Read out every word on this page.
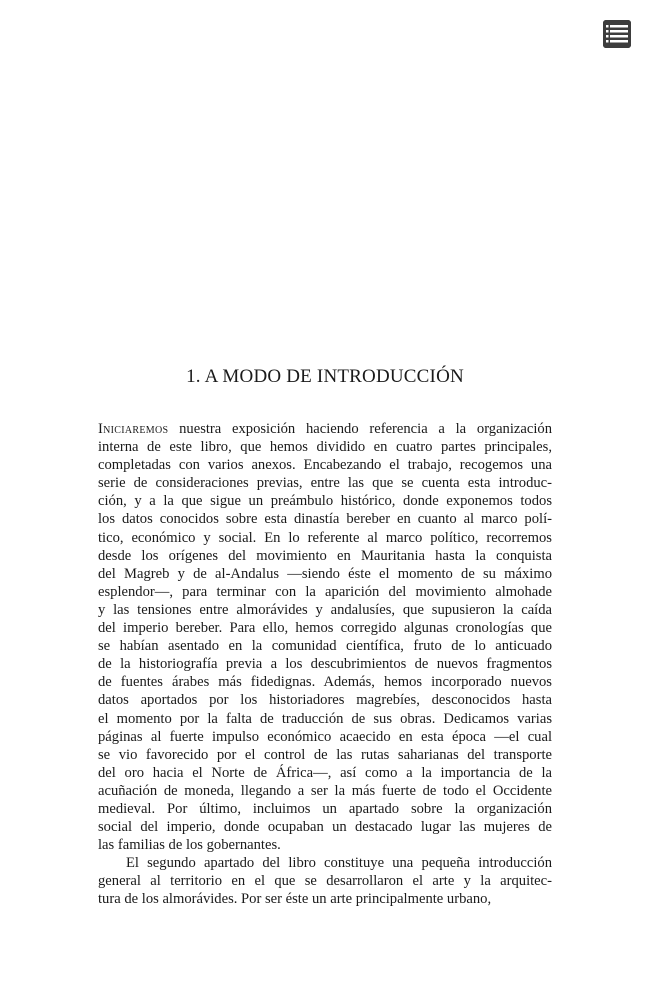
1. A MODO DE INTRODUCCIÓN
Iniciaremos nuestra exposición haciendo referencia a la organización
interna de este libro, que hemos dividido en cuatro partes principales,
completadas con varios anexos. Encabezando el trabajo, recogemos una
serie de consideraciones previas, entre las que se cuenta esta introduc-
ción, y a la que sigue un preámbulo histórico, donde exponemos todos
los datos conocidos sobre esta dinastía bereber en cuanto al marco polí-
tico, económico y social. En lo referente al marco político, recorremos
desde los orígenes del movimiento en Mauritania hasta la conquista
del Magreb y de al-Andalus —siendo éste el momento de su máximo
esplendor—, para terminar con la aparición del movimiento almohade
y las tensiones entre almorávides y andalusíes, que supusieron la caída
del imperio bereber. Para ello, hemos corregido algunas cronologías que
se habían asentado en la comunidad científica, fruto de lo anticuado
de la historiografía previa a los descubrimientos de nuevos fragmentos
de fuentes árabes más fidedignas. Además, hemos incorporado nuevos
datos aportados por los historiadores magrebíes, desconocidos hasta
el momento por la falta de traducción de sus obras. Dedicamos varias
páginas al fuerte impulso económico acaecido en esta época —el cual
se vio favorecido por el control de las rutas saharianas del transporte
del oro hacia el Norte de África—, así como a la importancia de la
acuñación de moneda, llegando a ser la más fuerte de todo el Occidente
medieval. Por último, incluimos un apartado sobre la organización
social del imperio, donde ocupaban un destacado lugar las mujeres de
las familias de los gobernantes.
El segundo apartado del libro constituye una pequeña introducción
general al territorio en el que se desarrollaron el arte y la arquitec-
tura de los almorávides. Por ser éste un arte principalmente urbano,
